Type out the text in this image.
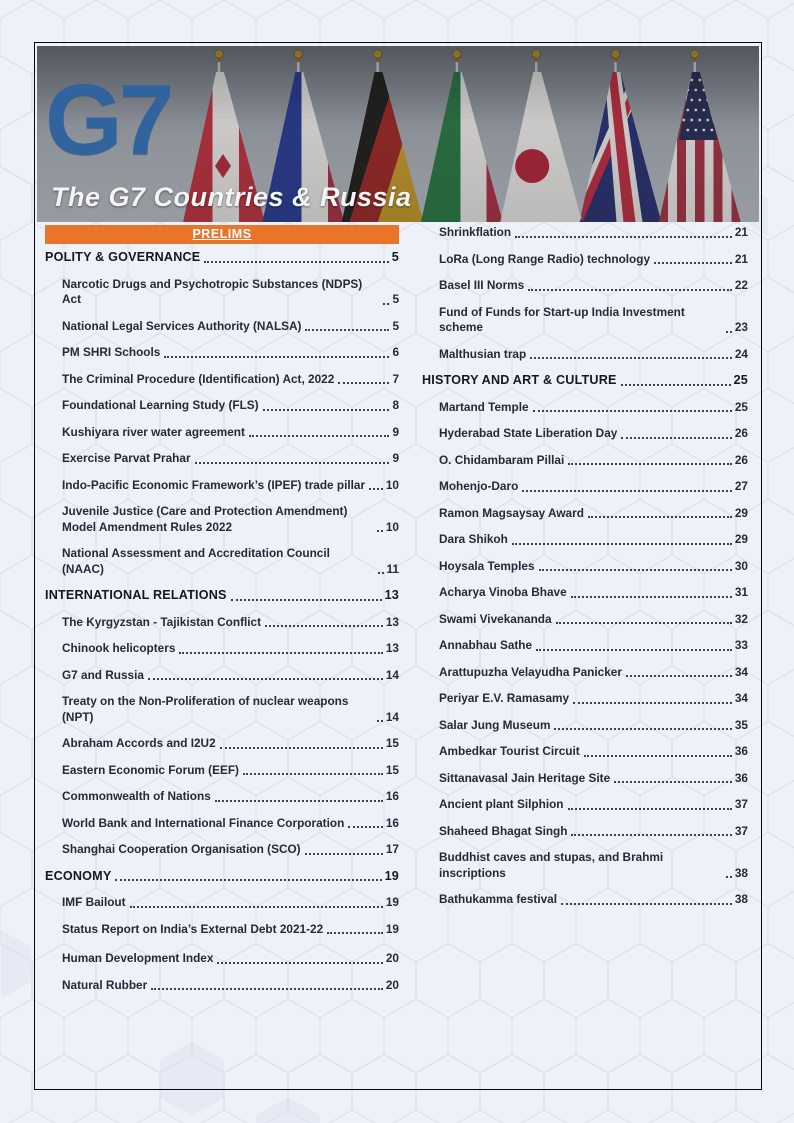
G7
The G7 Countries & Russia
PRELIMS
POLITY & GOVERNANCE	5
Narcotic Drugs and Psychotropic Substances (NDPS) Act	5
National Legal Services Authority (NALSA)	5
PM SHRI Schools	6
The Criminal Procedure (Identification) Act, 2022	7
Foundational Learning Study (FLS)	8
Kushiyara river water agreement	9
Exercise Parvat Prahar	9
Indo-Pacific Economic Framework’s (IPEF) trade pillar 10
Juvenile Justice (Care and Protection Amendment) Model Amendment Rules 2022	10
National Assessment and Accreditation Council (NAAC)	11
INTERNATIONAL RELATIONS	13
The Kyrgyzstan - Tajikistan Conflict	13
Chinook helicopters	13
G7 and Russia	14
Treaty on the Non-Proliferation of nuclear weapons (NPT)	14
Abraham Accords and I2U2	15
Eastern Economic Forum (EEF)	15
Commonwealth of Nations	16
World Bank and International Finance Corporation	16
Shanghai Cooperation Organisation (SCO)	17
ECONOMY	19
IMF Bailout	19
Status Report on India’s External Debt 2021-22	19
Human Development Index	20
Natural Rubber	20
Shrinkflation	21
LoRa (Long Range Radio) technology	21
Basel III Norms	22
Fund of Funds for Start-up India Investment scheme	23
Malthusian trap	24
HISTORY AND ART & CULTURE	25
Martand Temple	25
Hyderabad State Liberation Day	26
O. Chidambaram Pillai	26
Mohenjo-Daro	27
Ramon Magsaysay Award	29
Dara Shikoh	29
Hoysala Temples	30
Acharya Vinoba Bhave	31
Swami Vivekananda	32
Annabhau Sathe	33
Arattupuzha Velayudha Panicker	34
Periyar E.V. Ramasamy	34
Salar Jung Museum	35
Ambedkar Tourist Circuit	36
Sittanavasal Jain Heritage Site	36
Ancient plant Silphion	37
Shaheed Bhagat Singh	37
Buddhist caves and stupas, and Brahmi inscriptions	38
Bathukamma festival	38
